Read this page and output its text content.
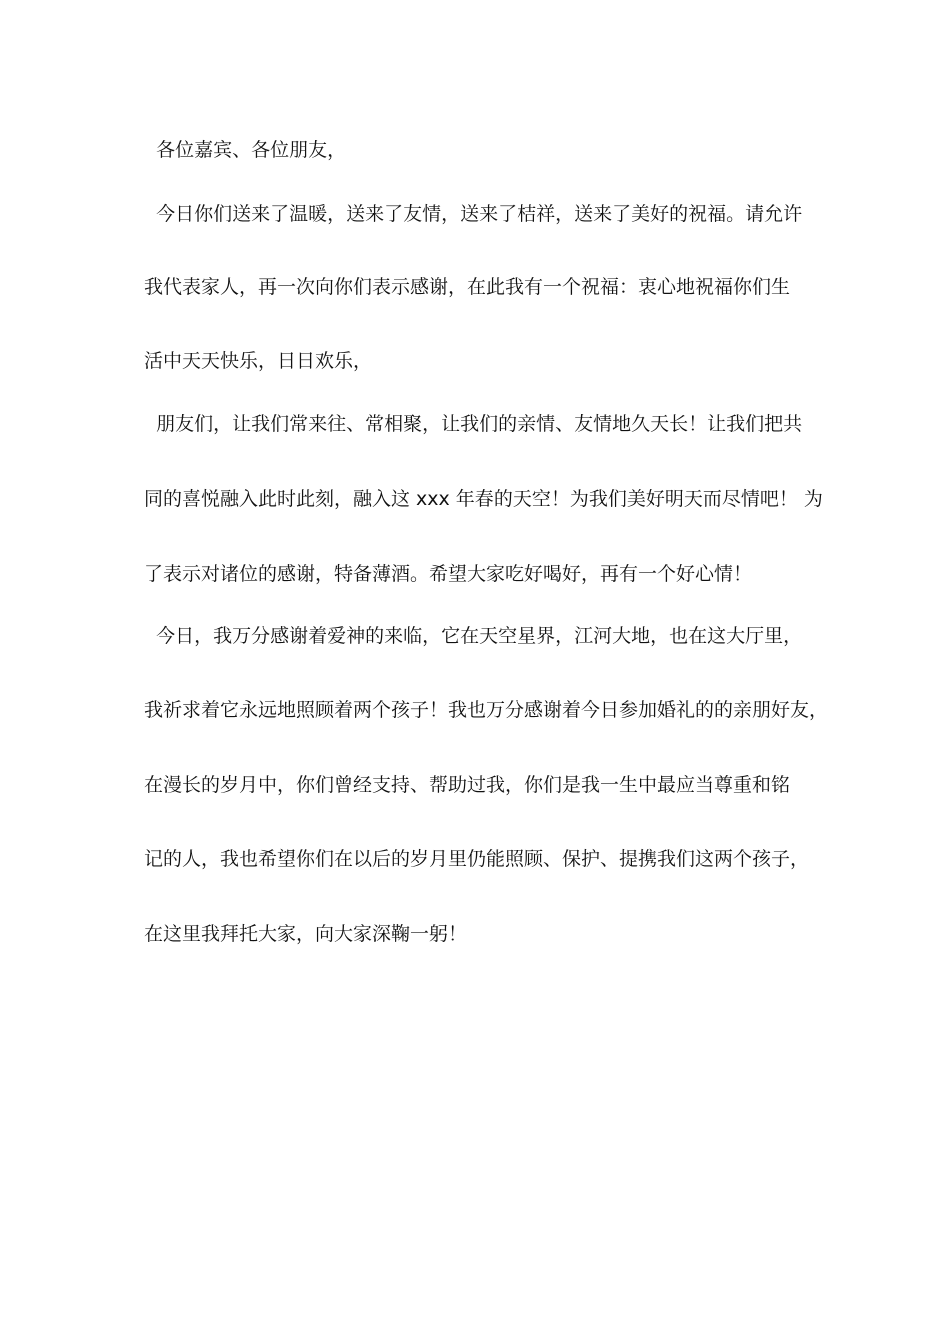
各位嘉宾、各位朋友，
今日你们送来了温暖，送来了友情，送来了桔祥，送来了美好的祝福。请允许
我代表家人，再一次向你们表示感谢，在此我有一个祝福：衷心地祝福你们生
活中天天快乐，日日欢乐，
朋友们，让我们常来往、常相聚，让我们的亲情、友情地久天长！让我们把共
同的喜悦融入此时此刻，融入这 xxx 年春的天空！为我们美好明天而尽情吧！ 为
了表示对诸位的感谢，特备薄酒。希望大家吃好喝好，再有一个好心情！
今日，我万分感谢着爱神的来临，它在天空星界，江河大地，也在这大厅里，
我祈求着它永远地照顾着两个孩子！我也万分感谢着今日参加婚礼的的亲朋好友，
在漫长的岁月中，你们曾经支持、帮助过我，你们是我一生中最应当尊重和铭
记的人，我也希望你们在以后的岁月里仍能照顾、保护、提携我们这两个孩子，
在这里我拜托大家，向大家深鞠一躬！
